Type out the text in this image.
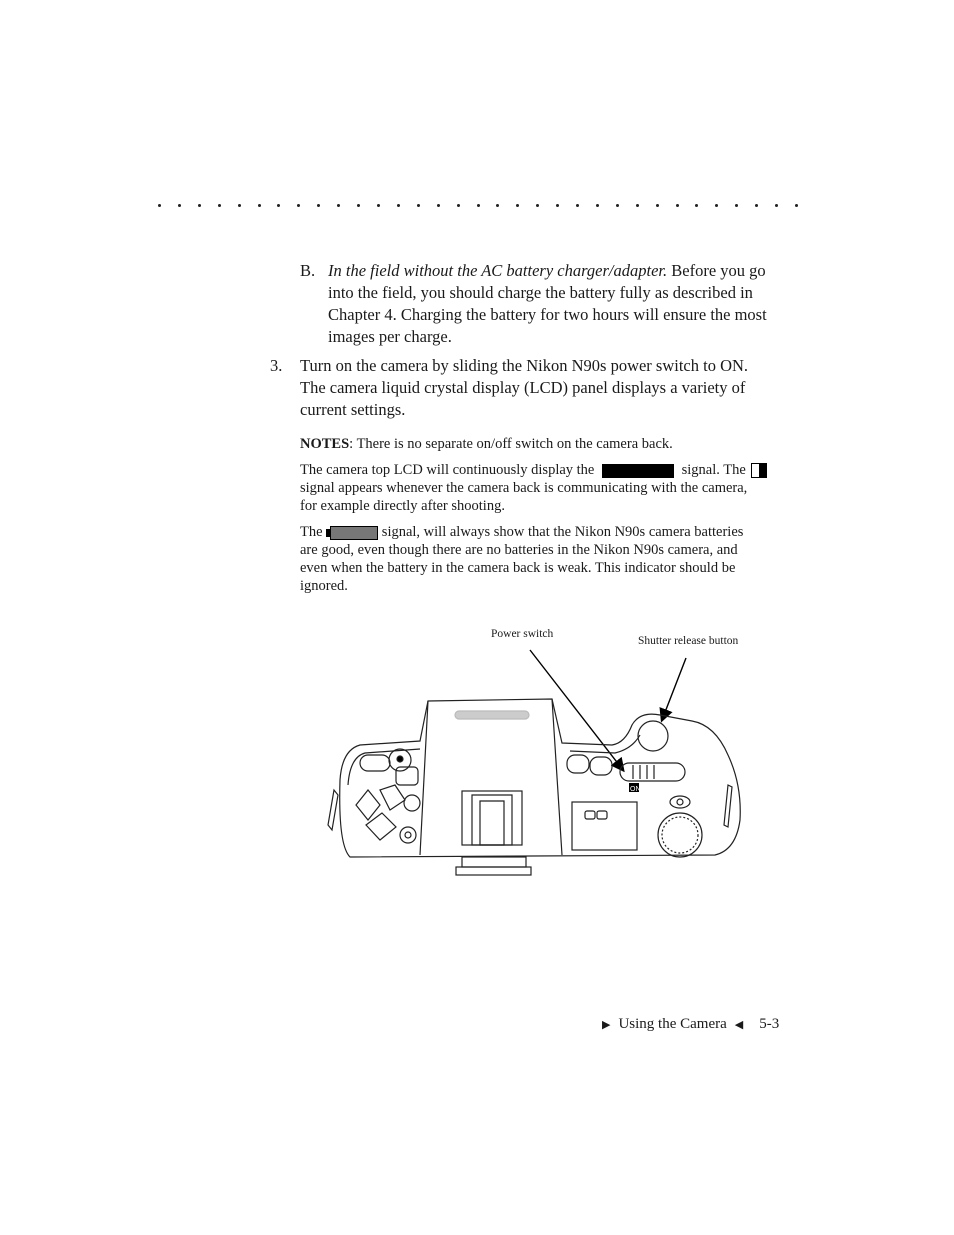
B. In the field without the AC battery charger/adapter. Before you go
into the field, you should charge the battery fully as described in
Chapter 4. Charging the battery for two hours will ensure the most
images per charge.
3. Turn on the camera by sliding the Nikon N90s power switch to ON.
The camera liquid crystal display (LCD) panel displays a variety of
current settings.
NOTES: There is no separate on/off switch on the camera back.
The camera top LCD will continuously display the	signal. The

signal appears whenever the camera back is communicating with the camera,
for example directly after shooting.
The	signal, will always show that the Nikon N90s camera batteries
are good, even though there are no batteries in the Nikon N90s camera, and
even when the battery in the camera back is weak. This indicator should be
ignored.
Power switch
Shutter release button
ON
▶ Using the Camera ◀ 5-3
